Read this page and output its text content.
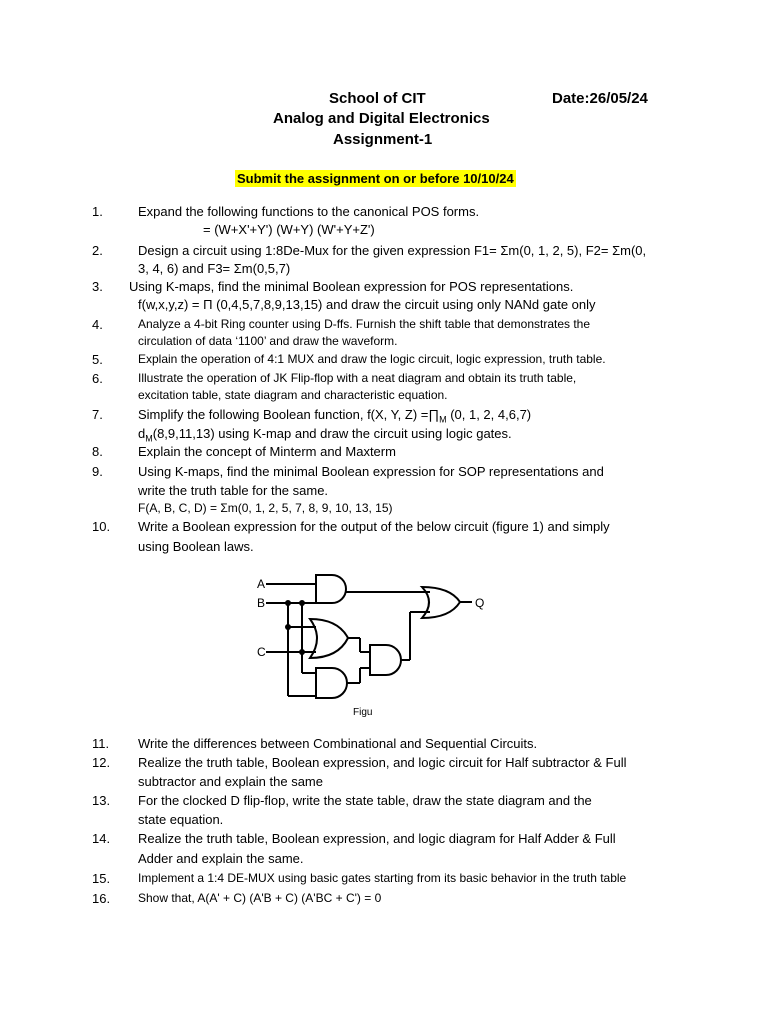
School of CIT	Date:26/05/24
Analog and Digital Electronics
Assignment-1
Submit the assignment on or before 10/10/24
1.	Expand the following functions to the canonical POS forms.
= (W+X'+Y') (W+Y) (W'+Y+Z')
2.	Design a circuit using 1:8De-Mux for the given expression F1= Σm(0, 1, 2, 5), F2= Σm(0,
3, 4, 6) and F3= Σm(0,5,7)
3. Using K-maps, find the minimal Boolean expression for POS representations.
f(w,x,y,z) = Π (0,4,5,7,8,9,13,15) and draw the circuit using only NANd gate only
4.	Analyze a 4-bit Ring counter using D-ffs. Furnish the shift table that demonstrates the
circulation of data ‘1100’ and draw the waveform.
5.	Explain the operation of 4:1 MUX and draw the logic circuit, logic expression, truth table.
6.	Illustrate the operation of JK Flip-flop with a neat diagram and obtain its truth table,
excitation table, state diagram and characteristic equation.
7.	Simplify the following Boolean function, f(X, Y, $Z) =\prod_M$ (0, 1, 2, 4,6,7)
$d_M(8,9,11,13)$ using K-map and draw the circuit using logic gates.
8.	Explain the concept of Minterm and Maxterm
9.	Using K-maps, find the minimal Boolean expression for SOP representations and
write the truth table for the same.
F(A, B, C, D) = Σm(0, 1, 2, 5, 7, 8, 9, 10, 13, 15)
10. Write a Boolean expression for the output of the below circuit (figure 1) and simply
using Boolean laws.
A
B
C
Q
Figu
11. Write the differences between Combinational and Sequential Circuits.
12. Realize the truth table, Boolean expression, and logic circuit for Half subtractor & Full
subtractor and explain the same
13. For the clocked D flip-flop, write the state table, draw the state diagram and the
state equation.
14. Realize the truth table, Boolean expression, and logic diagram for Half Adder & Full
Adder and explain the same.
15. Implement a 1:4 DE-MUX using basic gates starting from its basic behavior in the truth table
16. Show that, A(A' + C) (A'B + C) (A'BC + C') = 0
